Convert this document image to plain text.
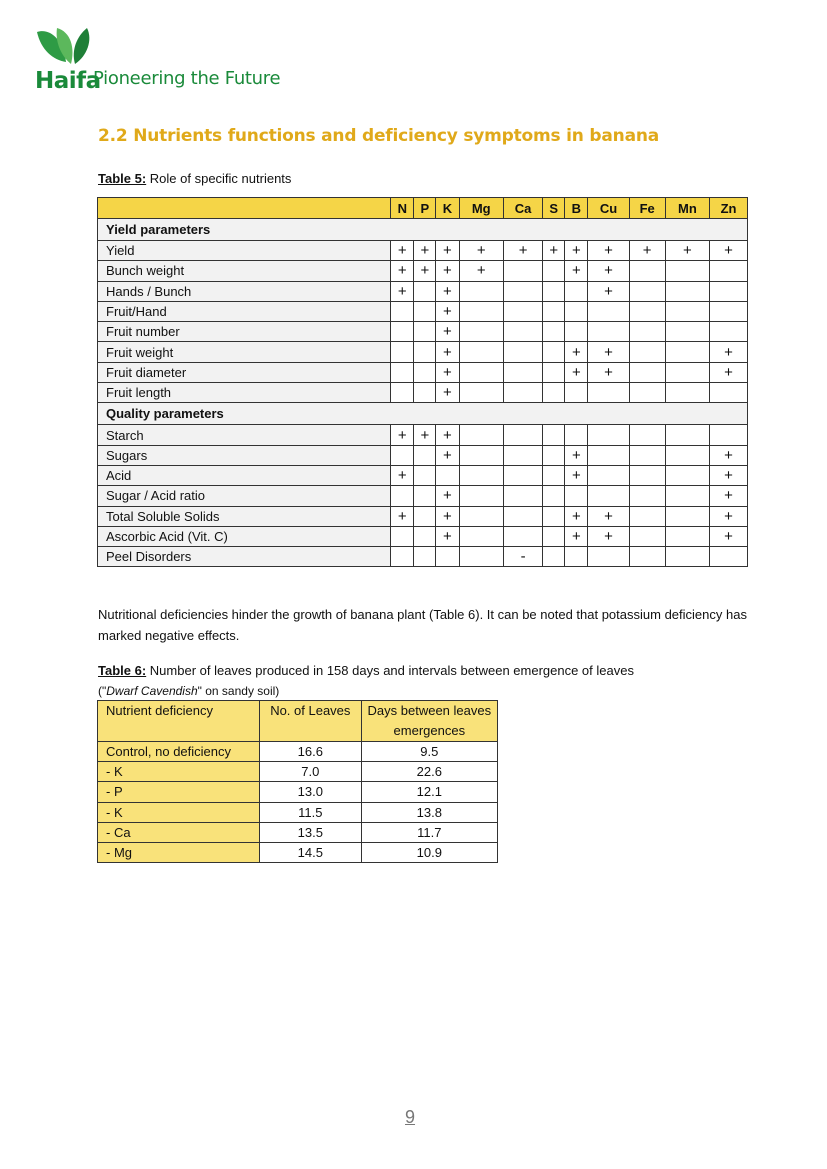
Haifa
Pioneering the Future
2.2 Nutrients functions and deficiency symptoms in banana
Table 5: Role of specific nutrients
	N	P	K	Mg	Ca	S	B	Cu	Fe	Mn	Zn
Yield parameters											
Yield	+	+	+	+	+	+	+	+	+	+	+
Bunch weight	+	+	+	+			+	+			
Hands / Bunch	+		+					+			
Fruit/Hand			+								
Fruit number			+								
Fruit weight			+				+	+			+
Fruit diameter			+				+	+			+
Fruit length			+								
Quality parameters											
Starch	+	+	+								
Sugars			+				+				+
Acid	+						+				+
Sugar / Acid ratio			+								+
Total Soluble Solids	+		+				+	+			+
Ascorbic Acid (Vit. C)			+				+	+			+
Peel Disorders					-						
Nutritional deficiencies hinder the growth of banana plant (Table 6). It can be noted that potassium deficiency has marked negative effects.
Table 6: Number of leaves produced in 158 days and intervals between emergence of leaves
("Dwarf Cavendish" on sandy soil)
Nutrient deficiency	No. of Leaves	Days between leaves emergences
Control, no deficiency	16.6	9.5
- K	7.0	22.6
- P	13.0	12.1
- K	11.5	13.8
- Ca	13.5	11.7
- Mg	14.5	10.9
9
